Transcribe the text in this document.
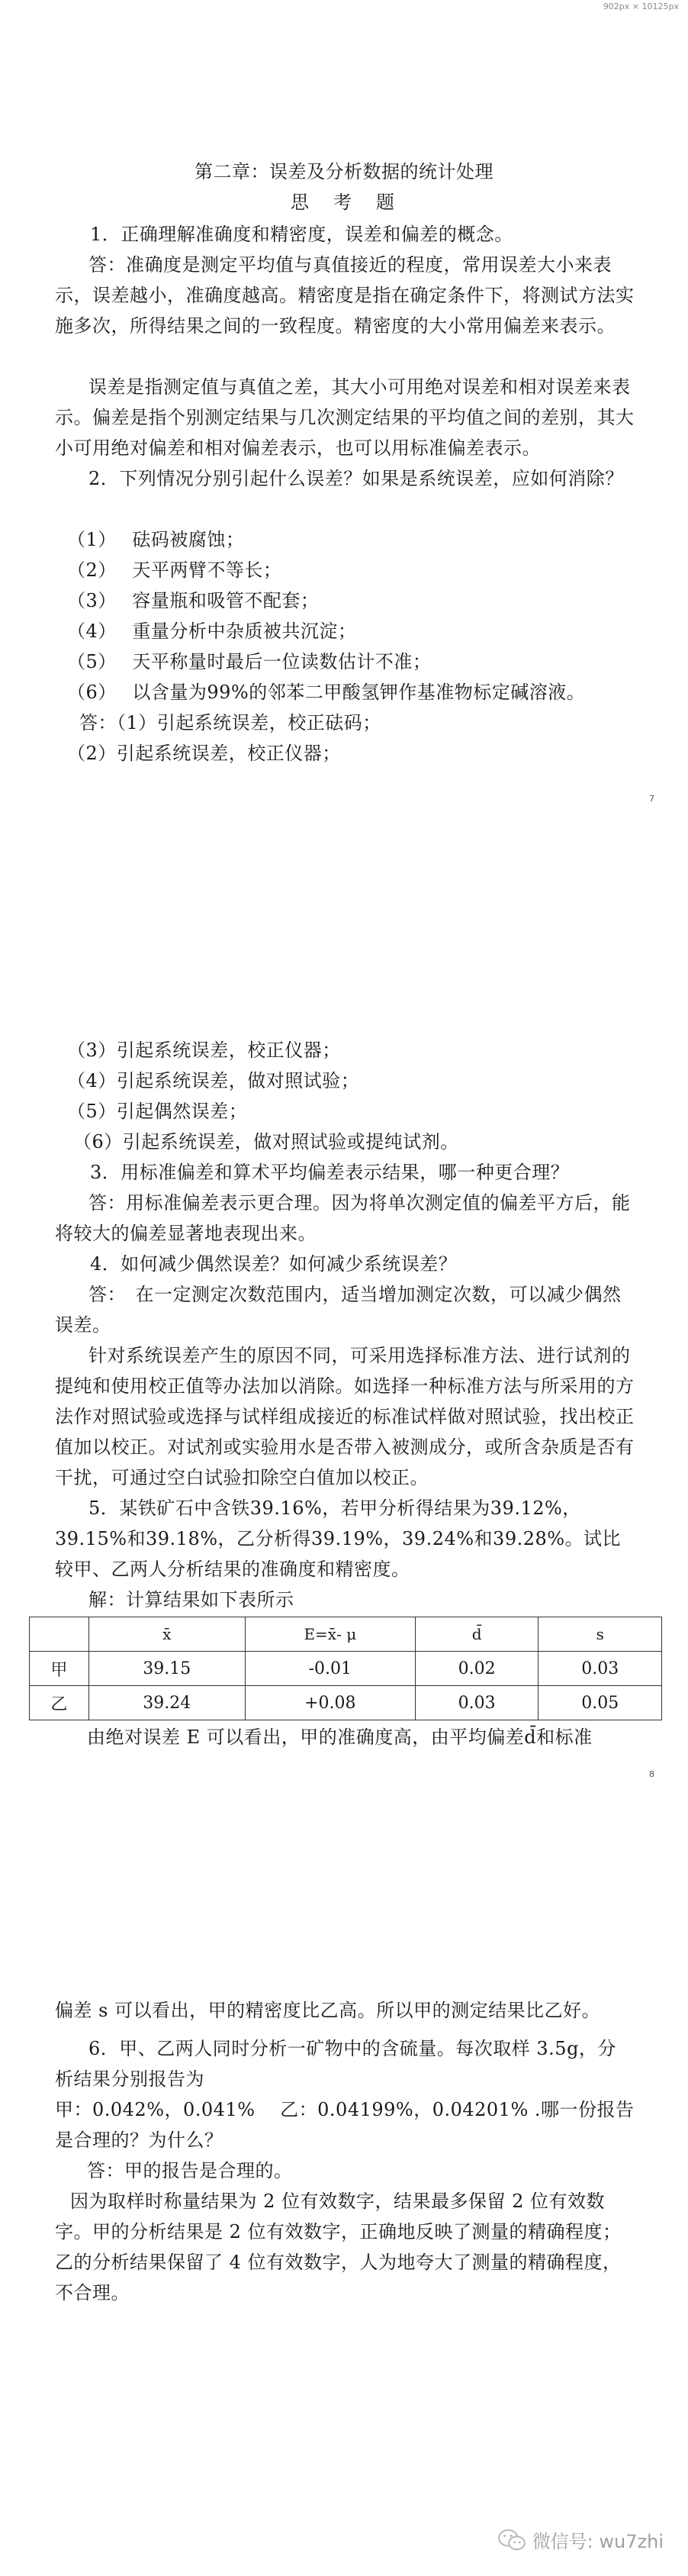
902px × 10125px

第二章：误差及分析数据的统计处理

思　考　题

1．正确理解准确度和精密度，误差和偏差的概念。

答：准确度是测定平均值与真值接近的程度，常用误差大小来表示，误差越小，准确度越高。精密度是指在确定条件下，将测试方法实施多次，所得结果之间的一致程度。精密度的大小常用偏差来表示。

误差是指测定值与真值之差，其大小可用绝对误差和相对误差来表示。偏差是指个别测定结果与几次测定结果的平均值之间的差别，其大小可用绝对偏差和相对偏差表示，也可以用标准偏差表示。

2．下列情况分别引起什么误差？如果是系统误差，应如何消除？

（1）　 砝码被腐蚀；

（2）　 天平两臂不等长；

（3）　 容量瓶和吸管不配套；

（4）　 重量分析中杂质被共沉淀；

（5）　 天平称量时最后一位读数估计不准；

（6）　 以含量为99%的邻苯二甲酸氢钾作基准物标定碱溶液。

答：（1）引起系统误差，校正砝码；

（2）引起系统误差，校正仪器；

7

（3）引起系统误差，校正仪器；

（4）引起系统误差，做对照试验；

（5）引起偶然误差；

（6）引起系统误差，做对照试验或提纯试剂。

3．用标准偏差和算术平均偏差表示结果，哪一种更合理？

答：用标准偏差表示更合理。因为将单次测定值的偏差平方后，能将较大的偏差显著地表现出来。

4．如何减少偶然误差？如何减少系统误差？

答：　在一定测定次数范围内，适当增加测定次数，可以减少偶然误差。

针对系统误差产生的原因不同，可采用选择标准方法、进行试剂的提纯和使用校正值等办法加以消除。如选择一种标准方法与所采用的方法作对照试验或选择与试样组成接近的标准试样做对照试验，找出校正值加以校正。对试剂或实验用水是否带入被测成分，或所含杂质是否有干扰，可通过空白试验扣除空白值加以校正。

5．某铁矿石中含铁39.16%，若甲分析得结果为39.12%，39.15%和39.18%，乙分析得39.19%，39.24%和39.28%。试比较甲、乙两人分析结果的准确度和精密度。

解：计算结果如下表所示

	x̄	E=x̄- μ	d̄	s
甲	39.15	-0.01	0.02	0.03
乙	39.24	+0.08	0.03	0.05

由绝对误差 E 可以看出，甲的准确度高，由平均偏差d̄和标准

8

偏差 s 可以看出，甲的精密度比乙高。所以甲的测定结果比乙好。

6．甲、乙两人同时分析一矿物中的含硫量。每次取样 3.5g，分析结果分别报告为

甲：0.042%，0.041%　 乙：0.04199%，0.04201% .哪一份报告是合理的？为什么？

答：甲的报告是合理的。

因为取样时称量结果为 2 位有效数字，结果最多保留 2 位有效数字。甲的分析结果是 2 位有效数字，正确地反映了测量的精确程度；乙的分析结果保留了 4 位有效数字，人为地夸大了测量的精确程度，不合理。

微信号: wu7zhi
